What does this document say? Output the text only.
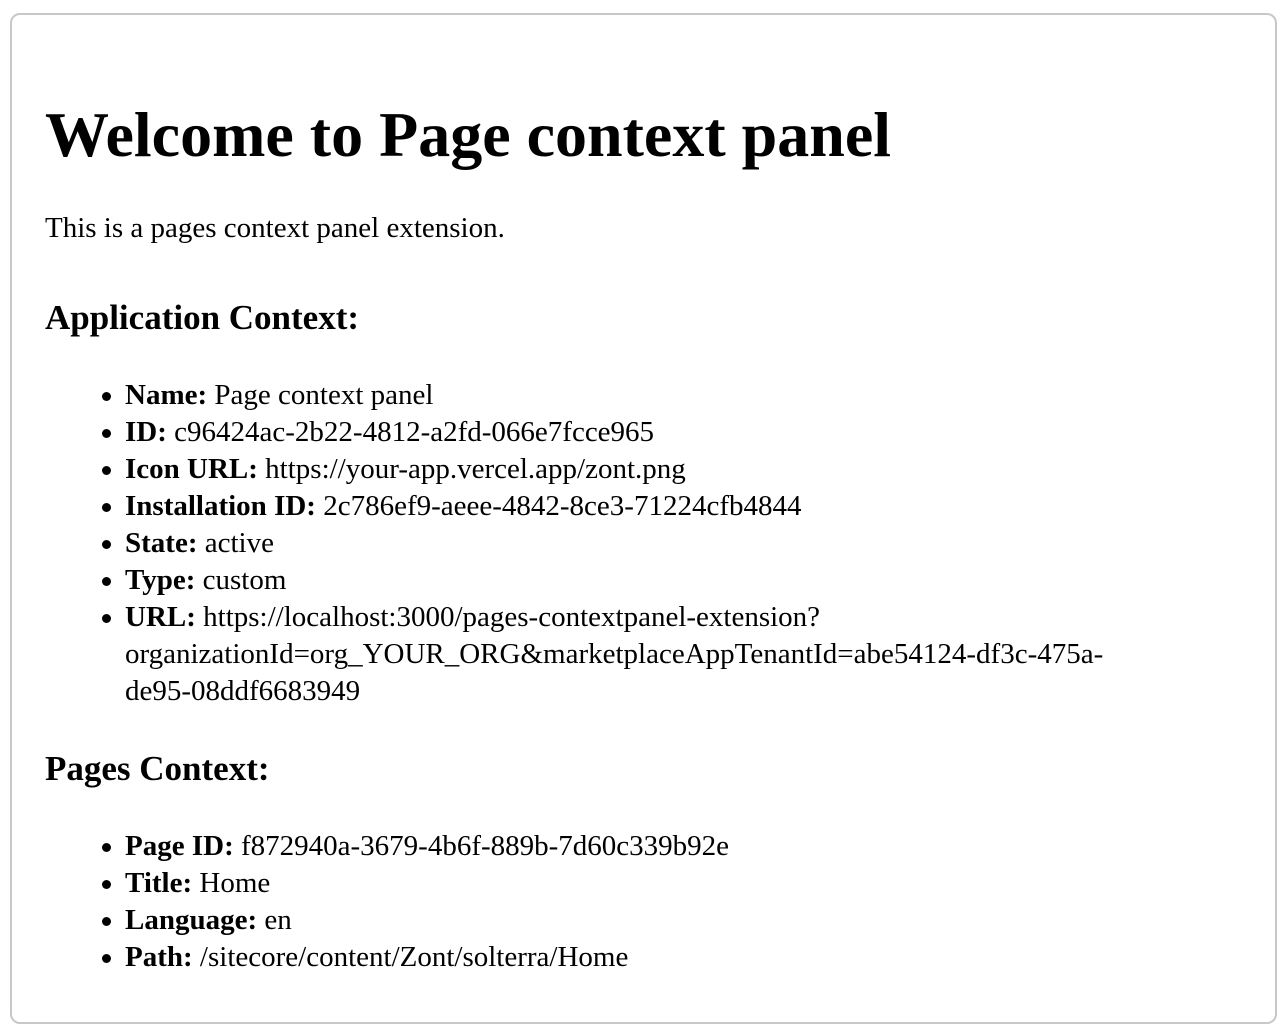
Welcome to Page context panel

This is a pages context panel extension.

Application Context:
Name: Page context panel
ID: c96424ac-2b22-4812-a2fd-066e7fcce965
Icon URL: https://your-app.vercel.app/zont.png
Installation ID: 2c786ef9-aeee-4842-8ce3-71224cfb4844
State: active
Type: custom
URL: https://localhost:3000/pages-contextpanel-extension?
organizationId=org_YOUR_ORG&marketplaceAppTenantId=abe54124-df3c-475a-
de95-08ddf6683949
Pages Context:
Page ID: f872940a-3679-4b6f-889b-7d60c339b92e
Title: Home
Language: en
Path: /sitecore/content/Zont/solterra/Home
